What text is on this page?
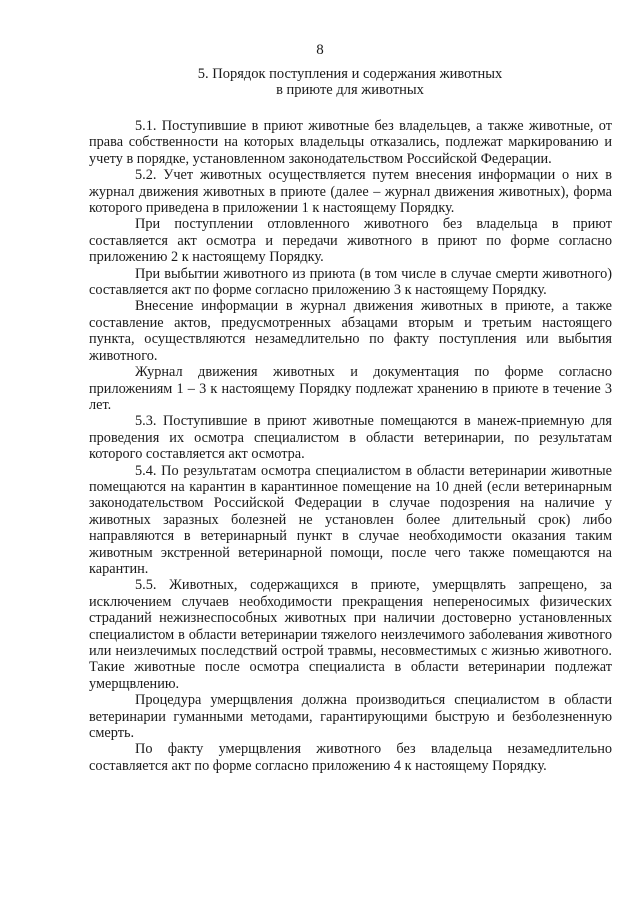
8
5. Порядок поступления и содержания животных
в приюте для животных

5.1. Поступившие в приют животные без владельцев, а также животные, от права собственности на которых владельцы отказались, подлежат маркированию и учету в порядке, установленном законодательством Российской Федерации.

5.2. Учет животных осуществляется путем внесения информации о них в журнал движения животных в приюте (далее – журнал движения животных), форма которого приведена в приложении 1 к настоящему Порядку.

При поступлении отловленного животного без владельца в приют составляется акт осмотра и передачи животного в приют по форме согласно приложению 2 к настоящему Порядку.

При выбытии животного из приюта (в том числе в случае смерти животного) составляется акт по форме согласно приложению 3 к настоящему Порядку.

Внесение информации в журнал движения животных в приюте, а также составление актов, предусмотренных абзацами вторым и третьим настоящего пункта, осуществляются незамедлительно по факту поступления или выбытия животного.

Журнал движения животных и документация по форме согласно приложениям 1 – 3 к настоящему Порядку подлежат хранению в приюте в течение 3 лет.

5.3. Поступившие в приют животные помещаются в манеж-приемную для проведения их осмотра специалистом в области ветеринарии, по результатам которого составляется акт осмотра.

5.4. По результатам осмотра специалистом в области ветеринарии животные помещаются на карантин в карантинное помещение на 10 дней (если ветеринарным законодательством Российской Федерации в случае подозрения на наличие у животных заразных болезней не установлен более длительный срок) либо направляются в ветеринарный пункт в случае необходимости оказания таким животным экстренной ветеринарной помощи, после чего также помещаются на карантин.

5.5. Животных, содержащихся в приюте, умерщвлять запрещено, за исключением случаев необходимости прекращения непереносимых физических страданий нежизнеспособных животных при наличии достоверно установленных специалистом в области ветеринарии тяжелого неизлечимого заболевания животного или неизлечимых последствий острой травмы, несовместимых с жизнью животного. Такие животные после осмотра специалиста в области ветеринарии подлежат умерщвлению.

Процедура умерщвления должна производиться специалистом в области ветеринарии гуманными методами, гарантирующими быструю и безболезненную смерть.

По факту умерщвления животного без владельца незамедлительно составляется акт по форме согласно приложению 4 к настоящему Порядку.
